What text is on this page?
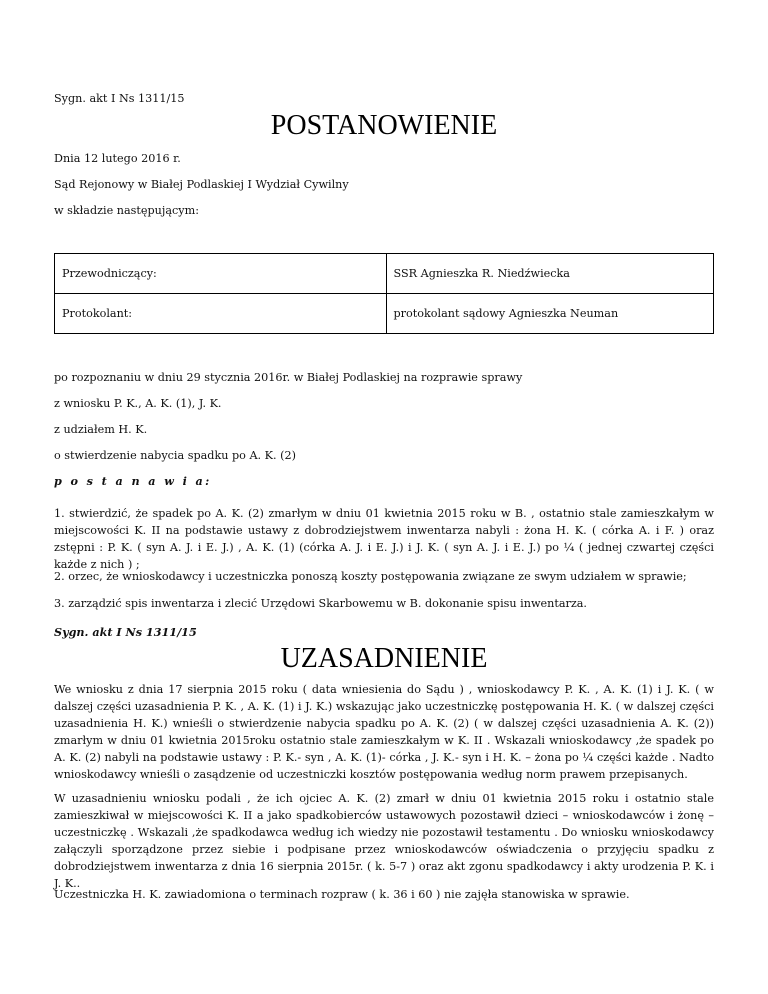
Sygn. akt I Ns 1311/15

POSTANOWIENIE

Dnia 12 lutego 2016 r.

Sąd Rejonowy w Białej Podlaskiej I Wydział Cywilny

w składzie następującym:

Przewodniczący:	SSR Agnieszka R. Niedźwiecka
Protokolant:	protokolant sądowy Agnieszka Neuman

po rozpoznaniu w dniu 29 stycznia 2016r. w Białej Podlaskiej na rozprawie sprawy

z wniosku P. K., A. K. (1), J. K.

z udziałem H. K.

o stwierdzenie nabycia spadku po A. K. (2)

p o s t a n a w i a:

1. stwierdzić, że spadek po A. K. (2) zmarłym w dniu 01 kwietnia 2015 roku w B. , ostatnio stale zamieszkałym w miejscowości K. II na podstawie ustawy z dobrodziejstwem inwentarza nabyli : żona H. K. ( córka A. i F. ) oraz zstępni : P. K. ( syn A. J. i E. J.) , A. K. (1) (córka A. J. i E. J.) i J. K. ( syn A. J. i E. J.) po ¼ ( jednej czwartej części każde z nich ) ;

2. orzec, że wnioskodawcy i uczestniczka ponoszą koszty postępowania związane ze swym udziałem w sprawie;

3. zarządzić spis inwentarza i zlecić Urzędowi Skarbowemu w B. dokonanie spisu inwentarza.

Sygn. akt I Ns 1311/15

UZASADNIENIE

We wniosku z dnia 17 sierpnia 2015 roku ( data wniesienia do Sądu ) , wnioskodawcy P. K. , A. K. (1) i J. K. ( w dalszej części uzasadnienia P. K. , A. K. (1) i J. K.) wskazując jako uczestniczkę postępowania H. K. ( w dalszej części uzasadnienia H. K.) wnieśli o stwierdzenie nabycia spadku po A. K. (2) ( w dalszej części uzasadnienia A. K. (2)) zmarłym w dniu 01 kwietnia 2015roku ostatnio stale zamieszkałym w K. II . Wskazali wnioskodawcy ,że spadek po A. K. (2) nabyli na podstawie ustawy : P. K.- syn , A. K. (1)- córka , J. K.- syn i H. K. – żona po ¼ części każde . Nadto wnioskodawcy wnieśli o zasądzenie od uczestniczki kosztów postępowania według norm prawem przepisanych.

W uzasadnieniu wniosku podali , że ich ojciec A. K. (2) zmarł w dniu 01 kwietnia 2015 roku i ostatnio stale zamieszkiwał w miejscowości K. II a jako spadkobierców ustawowych pozostawił dzieci – wnioskodawców i żonę – uczestniczkę . Wskazali ,że spadkodawca według ich wiedzy nie pozostawił testamentu . Do wniosku wnioskodawcy załączyli sporządzone przez siebie i podpisane przez wnioskodawców oświadczenia o przyjęciu spadku z dobrodziejstwem inwentarza z dnia 16 sierpnia 2015r. ( k. 5-7 ) oraz akt zgonu spadkodawcy i akty urodzenia P. K. i J. K..

Uczestniczka H. K. zawiadomiona o terminach rozpraw ( k. 36 i 60 ) nie zajęła stanowiska w sprawie.
